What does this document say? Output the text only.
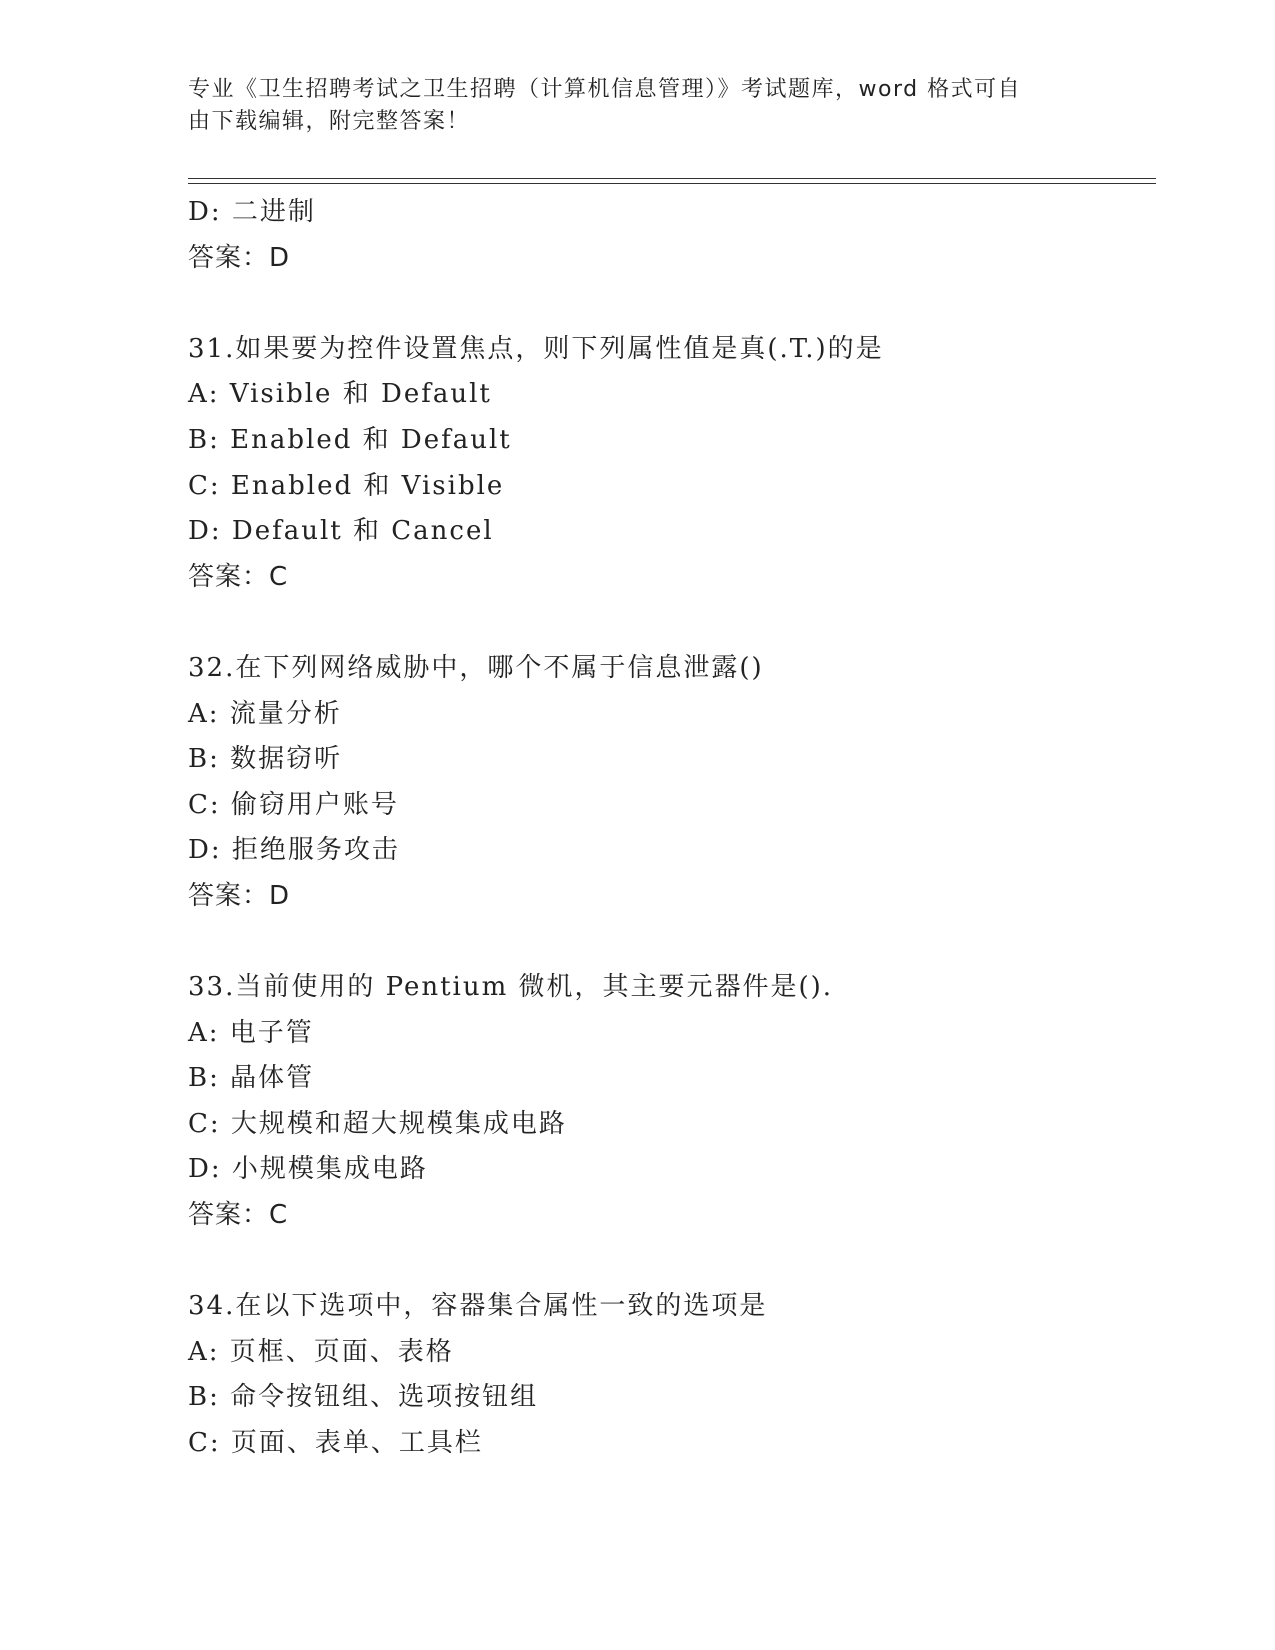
专业《卫生招聘考试之卫生招聘（计算机信息管理）》考试题库，word 格式可自
由下载编辑，附完整答案！
D: 二进制
答案：D
31.如果要为控件设置焦点，则下列属性值是真(.T.)的是
A: Visible 和 Default
B: Enabled 和 Default
C: Enabled 和 Visible
D: Default 和 Cancel
答案：C
32.在下列网络威胁中，哪个不属于信息泄露()
A: 流量分析
B: 数据窃听
C: 偷窃用户账号
D: 拒绝服务攻击
答案：D
33.当前使用的 Pentium 微机，其主要元器件是().
A: 电子管
B: 晶体管
C: 大规模和超大规模集成电路
D: 小规模集成电路
答案：C
34.在以下选项中，容器集合属性一致的选项是
A: 页框、页面、表格
B: 命令按钮组、选项按钮组
C: 页面、表单、工具栏
